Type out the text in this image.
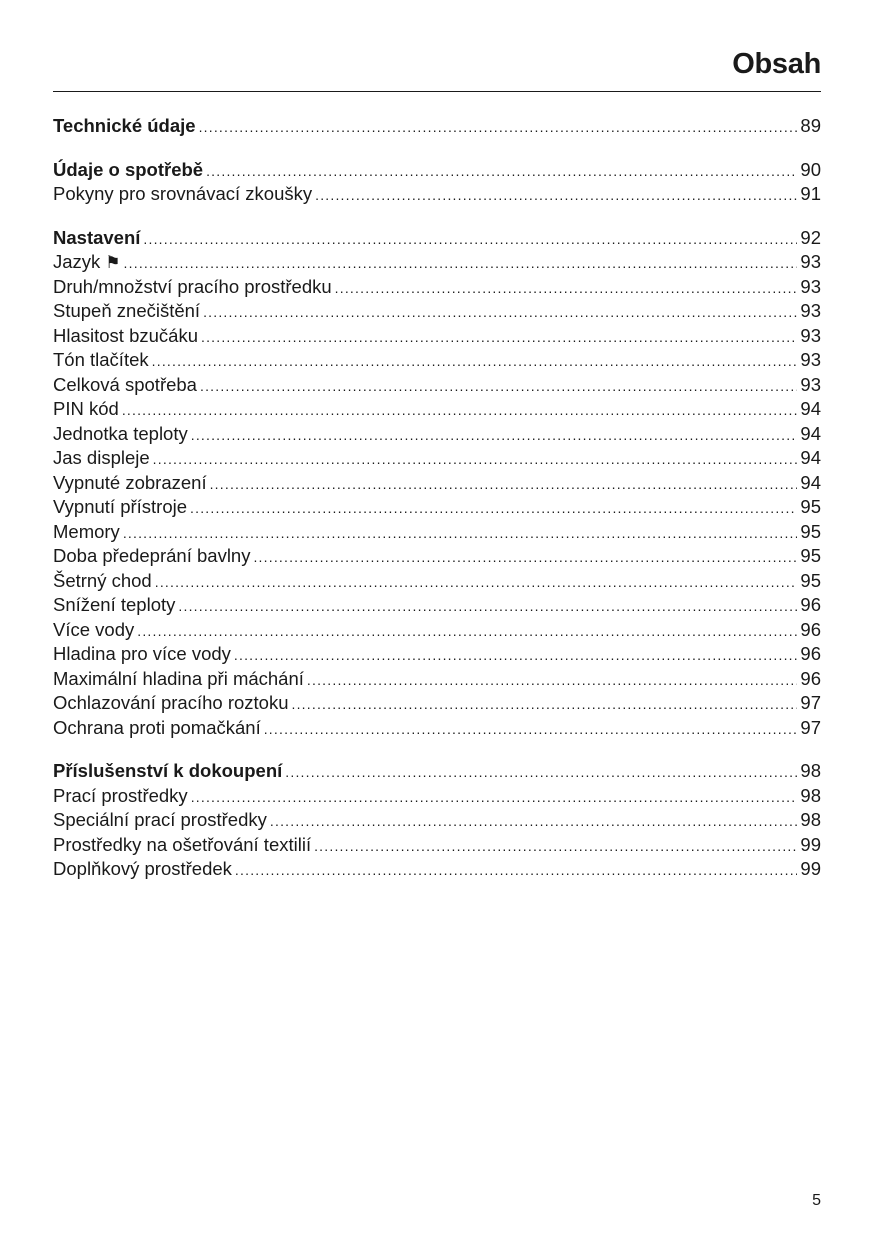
Obsah
Technické údaje .....	89
Údaje o spotřebě .....	90
Pokyny pro srovnávací zkoušky .....	91
Nastavení .....	92
Jazyk ⚑ .....	93
Druh/množství pracího prostředku .....	93
Stupeň znečištění .....	93
Hlasitost bzučáku .....	93
Tón tlačítek .....	93
Celková spotřeba .....	93
PIN kód .....	94
Jednotka teploty .....	94
Jas displeje .....	94
Vypnuté zobrazení .....	94
Vypnutí přístroje .....	95
Memory .....	95
Doba předeprání bavlny .....	95
Šetrný chod .....	95
Snížení teploty .....	96
Více vody .....	96
Hladina pro více vody .....	96
Maximální hladina při máchání .....	96
Ochlazování pracího roztoku .....	97
Ochrana proti pomačkání .....	97
Příslušenství k dokoupení .....	98
Prací prostředky .....	98
Speciální prací prostředky .....	98
Prostředky na ošetřování textilií .....	99
Doplňkový prostředek .....	99
5
